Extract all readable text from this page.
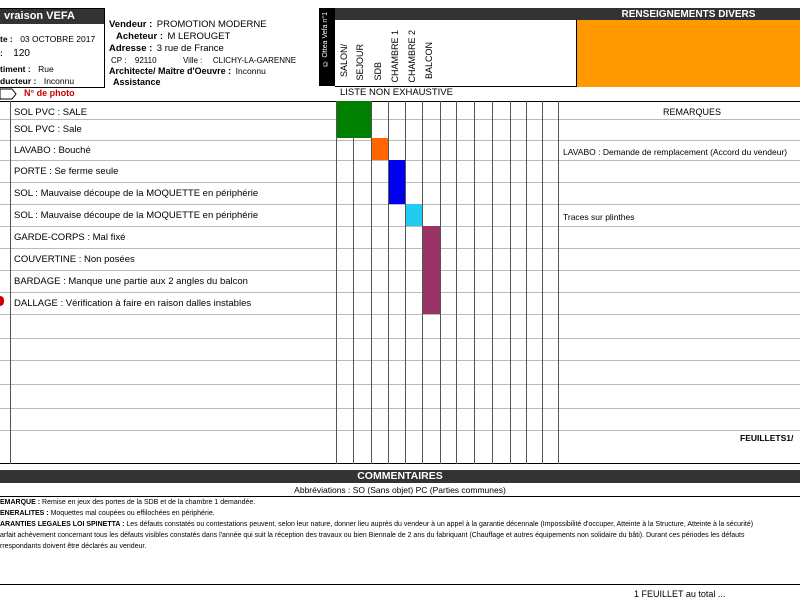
vraison VEFA
te : 03 OCTOBRE 2017
: 120
timent : Rue
ducteur : Inconnu
Vendeur : PROMOTION MODERNE
Acheteur : M LEROUGET
Adresse : 3 rue de France
CP : 92110	Ville : CLICHY-LA-GARENNE
Architecte/ Maître d'Oeuvre : Inconnu
Assistance
© Ottea Vefa n°1 SALON/ SEJOUR SDB CHAMBRE 1 CHAMBRE 2 BALCON
LISTE NON EXHAUSTIVE
RENSEIGNEMENTS DIVERS
N° de photo
REMARQUES
SOL PVC : SALE
SOL PVC : Sale
LAVABO : Bouché	LAVABO : Demande de remplacement (Accord du vendeur)
PORTE : Se ferme seule
SOL : Mauvaise découpe de la MOQUETTE en périphérie
SOL : Mauvaise découpe de la MOQUETTE en périphérie	Traces sur plinthes
GARDE-CORPS : Mal fixé
COUVERTINE : Non posées
BARDAGE : Manque une partie aux 2 angles du balcon
DALLAGE : Vérification à faire en raison dalles instables
FEUILLETS1/
COMMENTAIRES
Abbréviations : SO (Sans objet) PC (Parties communes)
EMARQUE : Remise en jeux des portes de la SDB et de la chambre 1 demandée.
ENERALITES : Moquettes mal coupées ou effilochées en périphérie.
ARANTIES LEGALES LOI SPINETTA : Les défauts constatés ou contestations peuvent, selon leur nature, donner lieu auprès du vendeur à un appel à la garantie décennale (Impossibilité d'occuper, Atteinte à la Structure, Atteinte à la sécurité)
arfait achèvement concernant tous les défauts visibles constatés dans l'année qui suit la réception des travaux ou bien Biennale de 2 ans du fabriquant (Chauffage et autres équipements non solidaire du bâti). Durant ces périodes les défauts
rrespondants doivent être déclarés au vendeur.
1 FEUILLET au total ...
